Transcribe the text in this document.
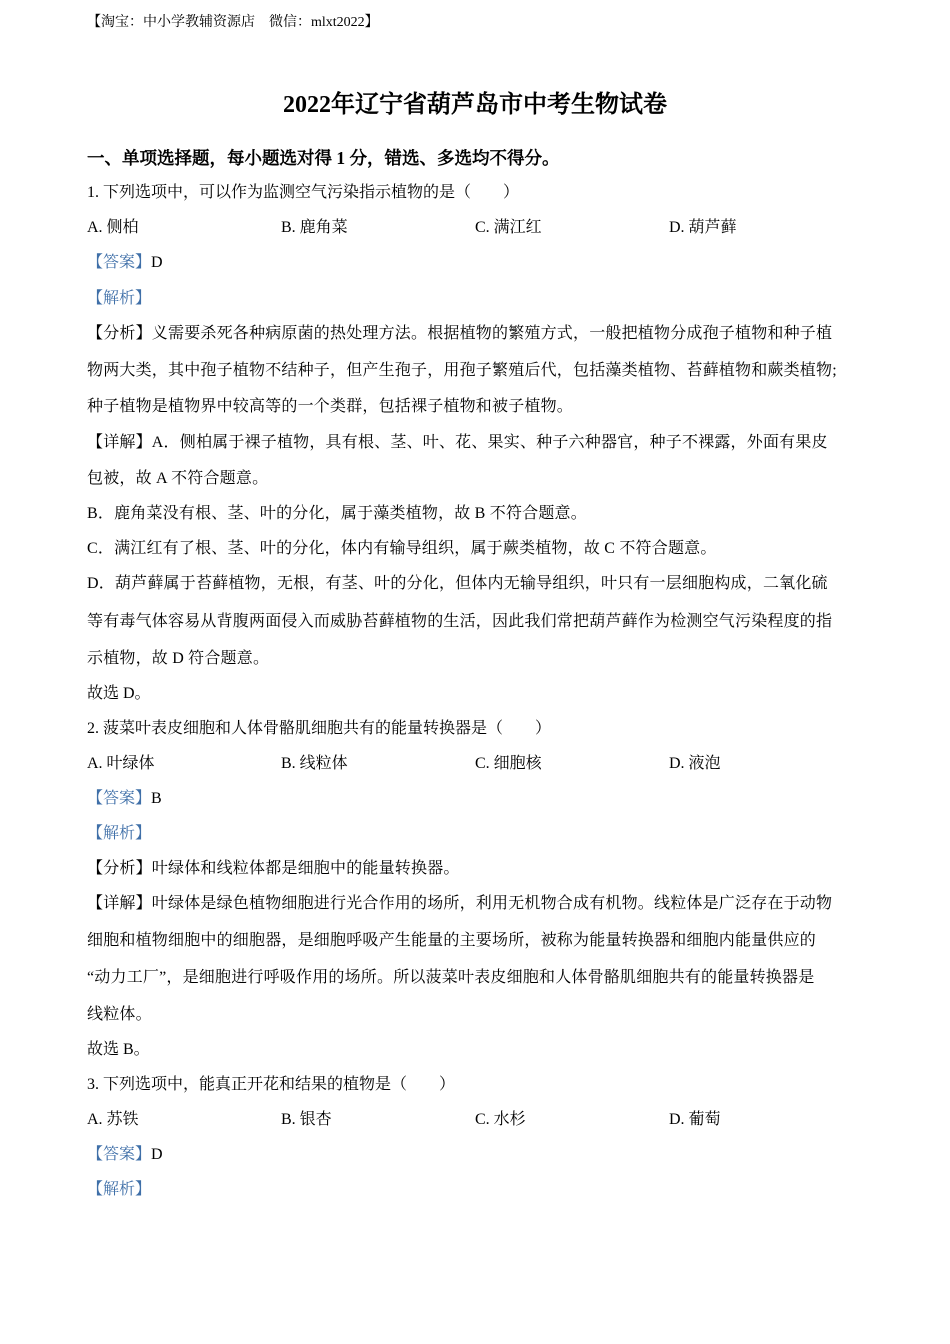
【淘宝：中小学教辅资源店　微信：mlxt2022】
2022年辽宁省葫芦岛市中考生物试卷
一、单项选择题，每小题选对得 1 分，错选、多选均不得分。
1. 下列选项中，可以作为监测空气污染指示植物的是（　　）
A. 侧柏	B. 鹿角菜	C. 满江红	D. 葫芦藓
【答案】D
【解析】
【分析】义需要杀死各种病原菌的热处理方法。根据植物的繁殖方式，一般把植物分成孢子植物和种子植
物两大类，其中孢子植物不结种子，但产生孢子，用孢子繁殖后代，包括藻类植物、苔藓植物和蕨类植物;
种子植物是植物界中较高等的一个类群，包括裸子植物和被子植物。
【详解】A．侧柏属于裸子植物，具有根、茎、叶、花、果实、种子六种器官，种子不裸露，外面有果皮
包被，故 A 不符合题意。
B．鹿角菜没有根、茎、叶的分化，属于藻类植物，故 B 不符合题意。
C．满江红有了根、茎、叶的分化，体内有输导组织，属于蕨类植物，故 C 不符合题意。
D．葫芦藓属于苔藓植物，无根，有茎、叶的分化，但体内无输导组织，叶只有一层细胞构成，二氧化硫
等有毒气体容易从背腹两面侵入而威胁苔藓植物的生活，因此我们常把葫芦藓作为检测空气污染程度的指
示植物，故 D 符合题意。
故选 D。
2. 菠菜叶表皮细胞和人体骨骼肌细胞共有的能量转换器是（　　）
A. 叶绿体	B. 线粒体	C. 细胞核	D. 液泡
【答案】B
【解析】
【分析】叶绿体和线粒体都是细胞中的能量转换器。
【详解】叶绿体是绿色植物细胞进行光合作用的场所，利用无机物合成有机物。线粒体是广泛存在于动物
细胞和植物细胞中的细胞器，是细胞呼吸产生能量的主要场所，被称为能量转换器和细胞内能量供应的
“动力工厂”，是细胞进行呼吸作用的场所。所以菠菜叶表皮细胞和人体骨骼肌细胞共有的能量转换器是
线粒体。
故选 B。
3. 下列选项中，能真正开花和结果的植物是（　　）
A. 苏铁	B. 银杏	C. 水杉	D. 葡萄
【答案】D
【解析】
